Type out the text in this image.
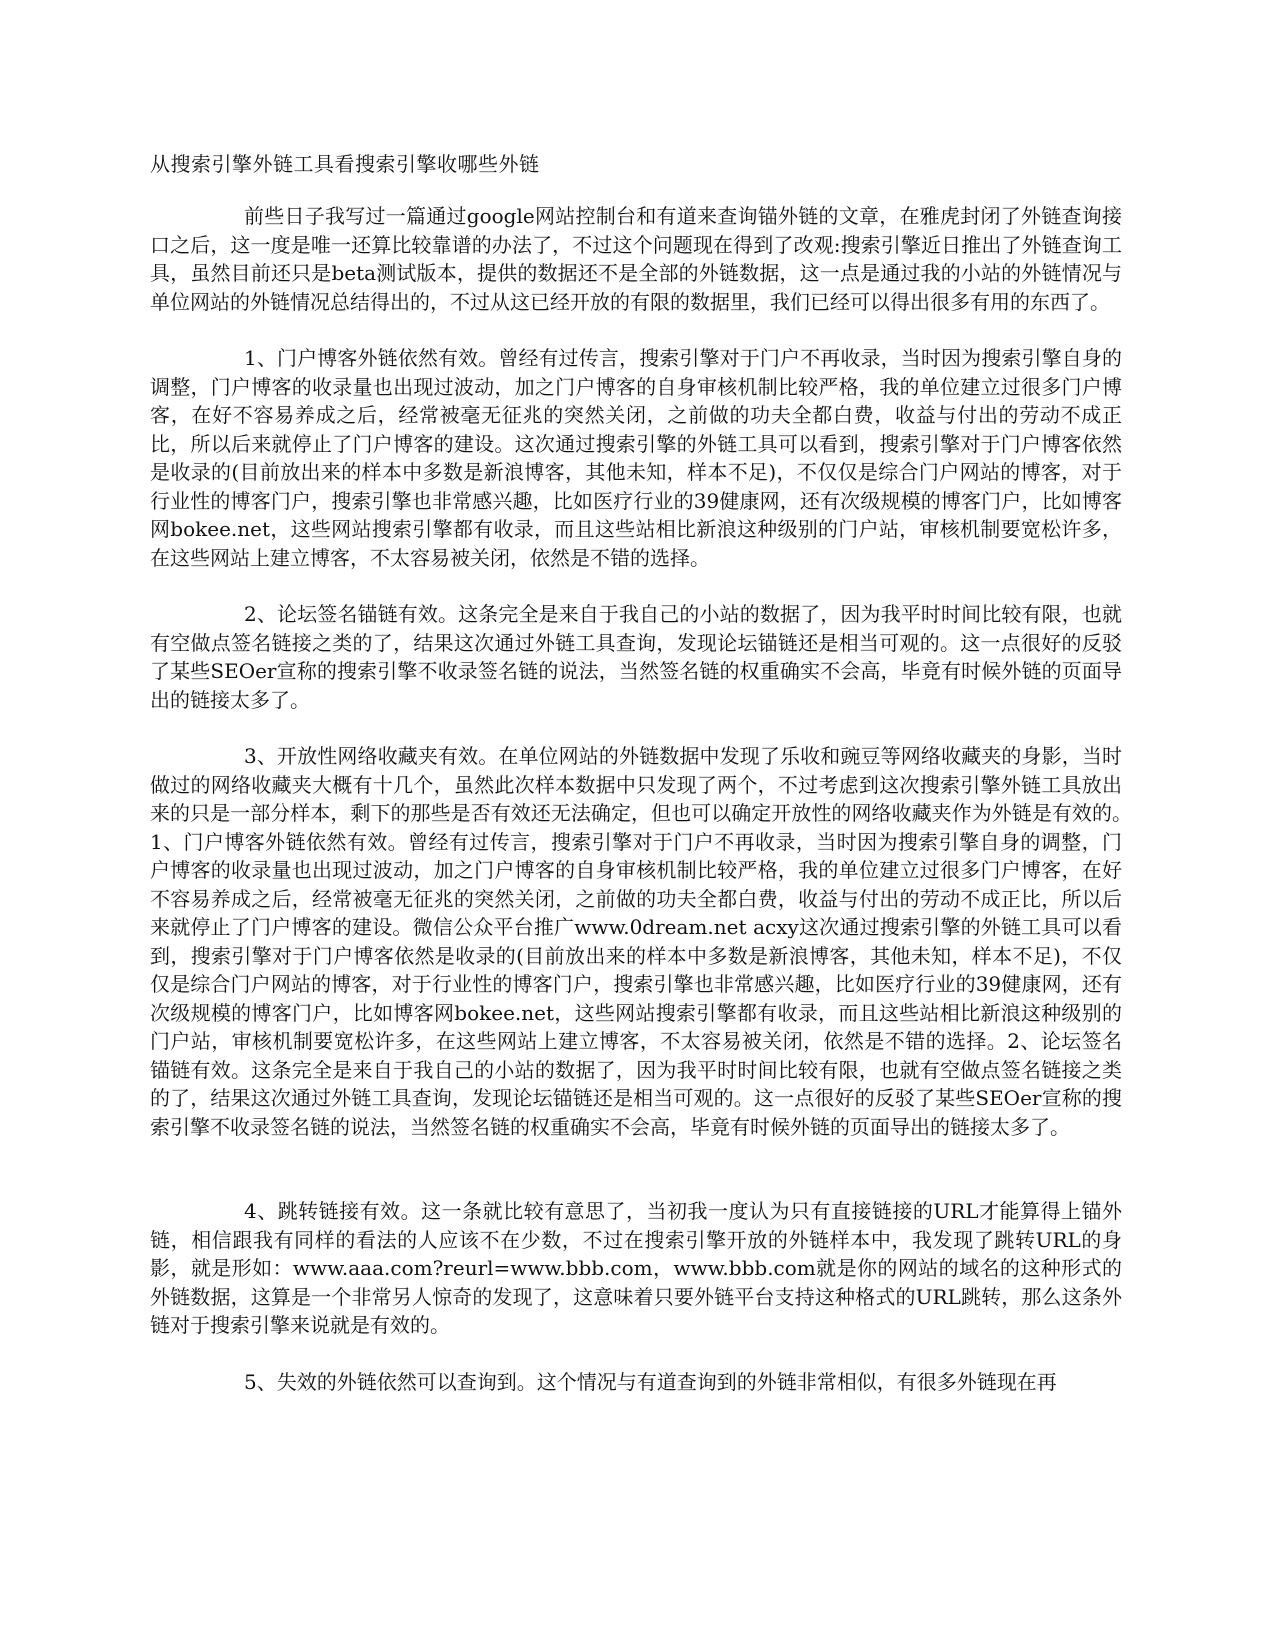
从搜索引擎外链工具看搜索引擎收哪些外链

前些日子我写过一篇通过google网站控制台和有道来查询锚外链的文章，在雅虎封闭了外链查询接口之后，这一度是唯一还算比较靠谱的办法了，不过这个问题现在得到了改观:搜索引擎近日推出了外链查询工具，虽然目前还只是beta测试版本，提供的数据还不是全部的外链数据，这一点是通过我的小站的外链情况与单位网站的外链情况总结得出的，不过从这已经开放的有限的数据里，我们已经可以得出很多有用的东西了。

1、门户博客外链依然有效。曾经有过传言，搜索引擎对于门户不再收录，当时因为搜索引擎自身的调整，门户博客的收录量也出现过波动，加之门户博客的自身审核机制比较严格，我的单位建立过很多门户博客，在好不容易养成之后，经常被毫无征兆的突然关闭，之前做的功夫全都白费，收益与付出的劳动不成正比，所以后来就停止了门户博客的建设。这次通过搜索引擎的外链工具可以看到，搜索引擎对于门户博客依然是收录的(目前放出来的样本中多数是新浪博客，其他未知，样本不足)，不仅仅是综合门户网站的博客，对于行业性的博客门户，搜索引擎也非常感兴趣，比如医疗行业的39健康网，还有次级规模的博客门户，比如博客网bokee.net，这些网站搜索引擎都有收录，而且这些站相比新浪这种级别的门户站，审核机制要宽松许多，在这些网站上建立博客，不太容易被关闭，依然是不错的选择。

2、论坛签名锚链有效。这条完全是来自于我自己的小站的数据了，因为我平时时间比较有限，也就有空做点签名链接之类的了，结果这次通过外链工具查询，发现论坛锚链还是相当可观的。这一点很好的反驳了某些SEOer宣称的搜索引擎不收录签名链的说法，当然签名链的权重确实不会高，毕竟有时候外链的页面导出的链接太多了。

3、开放性网络收藏夹有效。在单位网站的外链数据中发现了乐收和豌豆等网络收藏夹的身影，当时做过的网络收藏夹大概有十几个，虽然此次样本数据中只发现了两个，不过考虑到这次搜索引擎外链工具放出来的只是一部分样本，剩下的那些是否有效还无法确定，但也可以确定开放性的网络收藏夹作为外链是有效的。　1、门户博客外链依然有效。曾经有过传言，搜索引擎对于门户不再收录，当时因为搜索引擎自身的调整，门户博客的收录量也出现过波动，加之门户博客的自身审核机制比较严格，我的单位建立过很多门户博客，在好不容易养成之后，经常被毫无征兆的突然关闭，之前做的功夫全都白费，收益与付出的劳动不成正比，所以后来就停止了门户博客的建设。微信公众平台推广www.0dream.net acxy这次通过搜索引擎的外链工具可以看到，搜索引擎对于门户博客依然是收录的(目前放出来的样本中多数是新浪博客，其他未知，样本不足)，不仅仅是综合门户网站的博客，对于行业性的博客门户，搜索引擎也非常感兴趣，比如医疗行业的39健康网，还有次级规模的博客门户，比如博客网bokee.net，这些网站搜索引擎都有收录，而且这些站相比新浪这种级别的门户站，审核机制要宽松许多，在这些网站上建立博客，不太容易被关闭，依然是不错的选择。2、论坛签名锚链有效。这条完全是来自于我自己的小站的数据了，因为我平时时间比较有限，也就有空做点签名链接之类的了，结果这次通过外链工具查询，发现论坛锚链还是相当可观的。这一点很好的反驳了某些SEOer宣称的搜索引擎不收录签名链的说法，当然签名链的权重确实不会高，毕竟有时候外链的页面导出的链接太多了。

4、跳转链接有效。这一条就比较有意思了，当初我一度认为只有直接链接的URL才能算得上锚外链，相信跟我有同样的看法的人应该不在少数，不过在搜索引擎开放的外链样本中，我发现了跳转URL的身影，就是形如：www.aaa.com?reurl=www.bbb.com，www.bbb.com就是你的网站的域名的这种形式的外链数据，这算是一个非常另人惊奇的发现了，这意味着只要外链平台支持这种格式的URL跳转，那么这条外链对于搜索引擎来说就是有效的。

5、失效的外链依然可以查询到。这个情况与有道查询到的外链非常相似，有很多外链现在再
